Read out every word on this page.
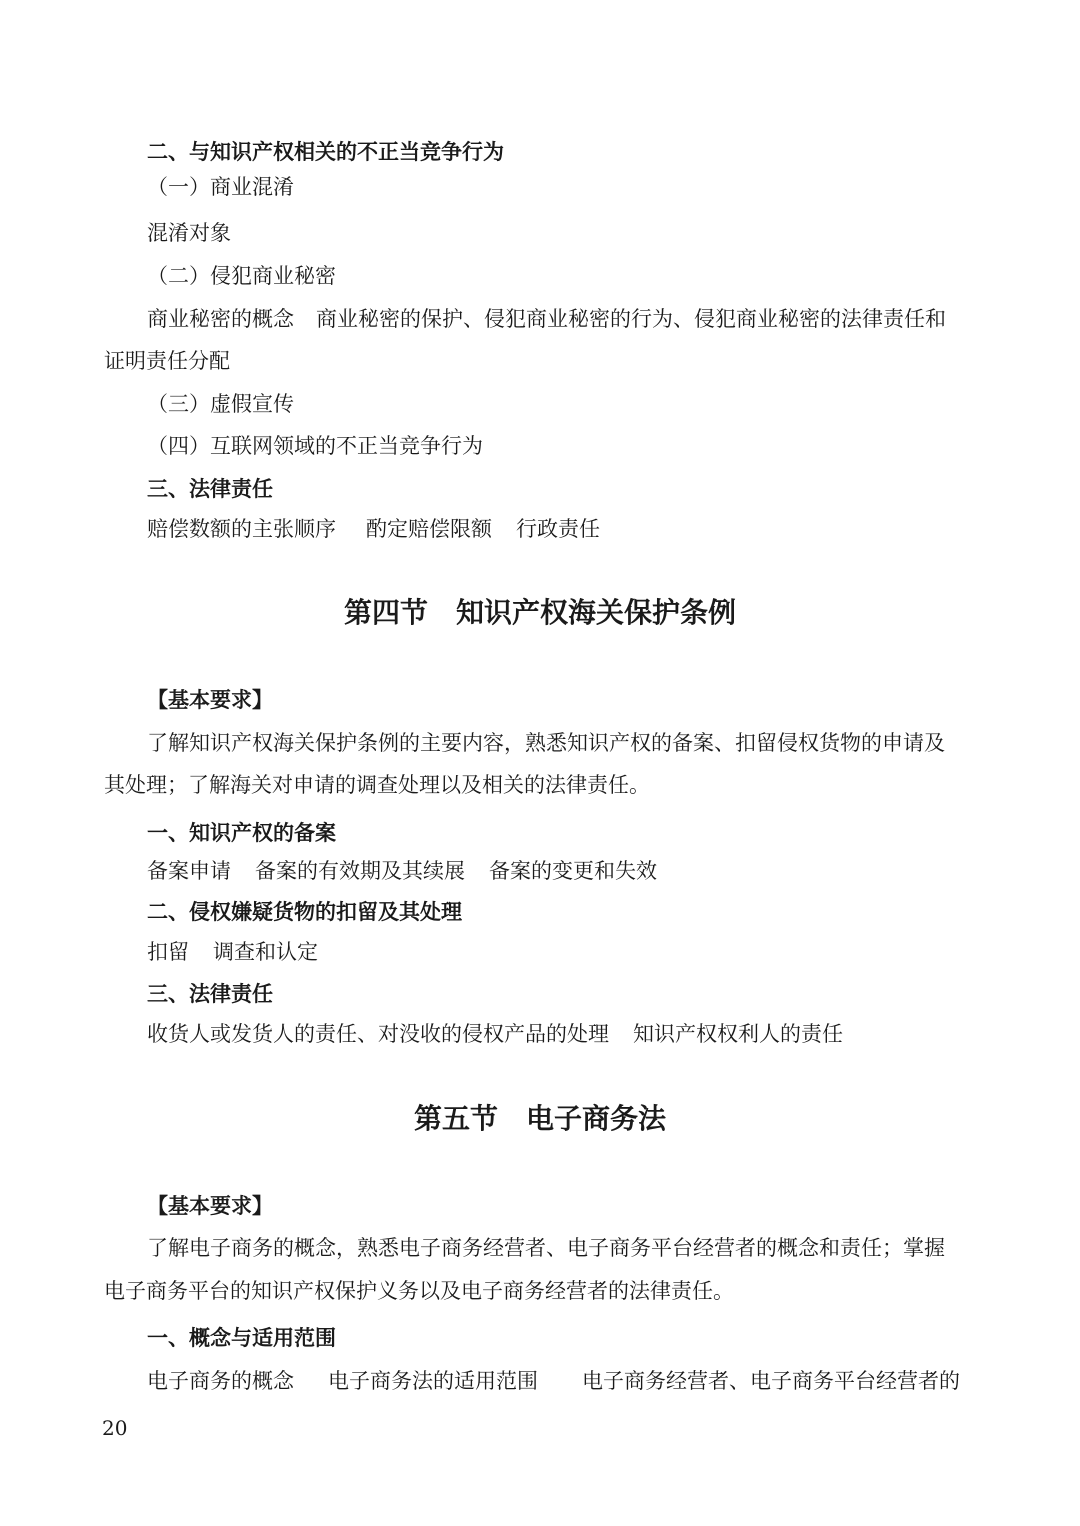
二、与知识产权相关的不正当竞争行为
（一）商业混淆
混淆对象
（二）侵犯商业秘密
商业秘密的概念 商业秘密的保护、侵犯商业秘密的行为、侵犯商业秘密的法律责任和
证明责任分配
（三）虚假宣传
（四）互联网领域的不正当竞争行为
三、法律责任
赔偿数额的主张顺序 酌定赔偿限额 行政责任
第四节　知识产权海关保护条例
【基本要求】
了解知识产权海关保护条例的主要内容，熟悉知识产权的备案、扣留侵权货物的申请及
其处理；了解海关对申请的调查处理以及相关的法律责任。
一、知识产权的备案
备案申请 备案的有效期及其续展 备案的变更和失效
二、侵权嫌疑货物的扣留及其处理
扣留 调查和认定
三、法律责任
收货人或发货人的责任、对没收的侵权产品的处理 知识产权权利人的责任
第五节　电子商务法
【基本要求】
了解电子商务的概念，熟悉电子商务经营者、电子商务平台经营者的概念和责任；掌握
电子商务平台的知识产权保护义务以及电子商务经营者的法律责任。
一、概念与适用范围
电子商务的概念 电子商务法的适用范围 电子商务经营者、电子商务平台经营者的
20
